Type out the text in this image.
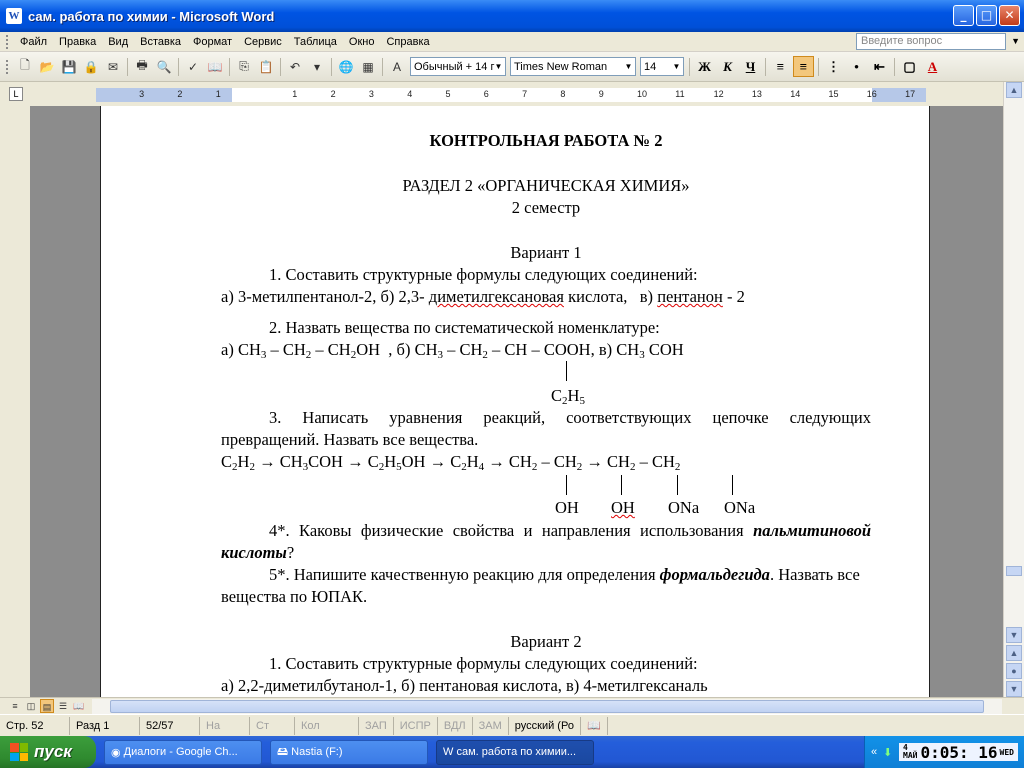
W сам. работа по химии - Microsoft Word	_	□	✕
Файл	Правка	Вид	Вставка	Формат	Сервис	Таблица	Окно	Справка	Введите вопрос	▼
🗋 📂 💾 🔒 ✉	🖶 🔍	✓ 📖	⎘ 📋	↶	▾	🌐 ▦	A	Обычный + 14 г ▼ Times New Roman	▼ 14	▼	Ж К	Ч	≡	≡	⋮	•	⇤	▢ A
L	3	2	1	1	2	3	4	5	6	7	8	9	10	11	12	13	14	15	16	17
КОНТРОЛЬНАЯ РАБОТА № 2
РАЗДЕЛ 2 «ОРГАНИЧЕСКАЯ ХИМИЯ»
2 семестр
Вариант 1
1. Составить структурные формулы следующих соединений:
а) 3-метилпентанол-2, б) 2,3- диметилгексановая кислота,   в) пентанон - 2
2. Назвать вещества по систематической номенклатуре:
а) $CH_3 - CH_2 - CH_2OH$  , б) $CH_3 - CH_2$ – CH – COOH, в) $CH_3$ COH
$C_2H_5$
3. Написать уравнения реакций, соответствующих цепочке следующих превращений. Назвать все вещества.
$C_2H_2 \to CH_3COH \to C_2H_5OH \to C_2H_4 \to CH_2 - CH_2 \to CH_2 - CH_2$
OH OH ONa ONa
4*. Каковы физические свойства и направления использования пальмитиновой кислоты?
5*. Напишите качественную реакцию для определения формальдегида. Назвать все вещества по ЮПАК.
Вариант 2
1. Составить структурные формулы следующих соединений:
а) 2,2-диметилбутанол-1, б) пентановая кислота, в) 4-метилгексаналь
▲
▼
▲
●
▼
≡	◫ ▤ ☰ 📖
Стр. 52	Разд 1	52/57	На	Ст	Кол	ЗАП	ИСПР	ВДЛ	ЗАМ	русский (Ро	📖
пуск	◉ Диалоги - Google Ch...	🖴 Nastia (F:)	W сам. работа по химии...	« ⬇ 4
МАЙ 0:05: 16 WED
